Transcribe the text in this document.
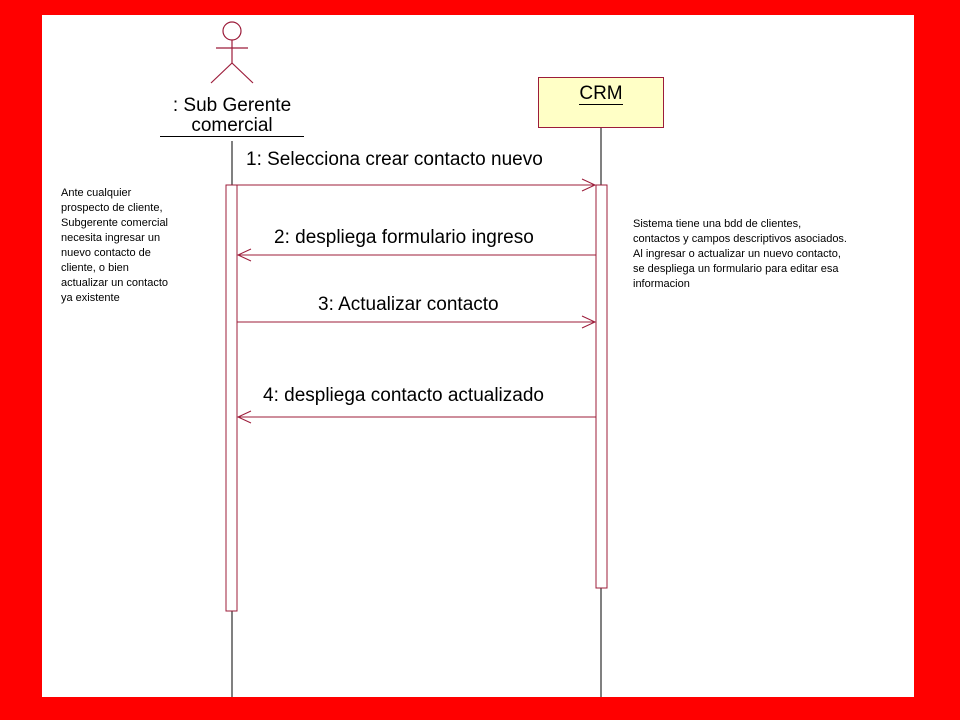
: Sub Gerente comercial
CRM
1: Selecciona crear contacto nuevo
2: despliega formulario ingreso
3: Actualizar contacto
4: despliega contacto actualizado
Ante cualquier
prospecto de cliente,
Subgerente comercial
necesita ingresar un
nuevo contacto de
cliente, o bien
actualizar un contacto
ya existente
Sistema tiene una bdd de clientes,
contactos y campos descriptivos asociados.
Al ingresar o actualizar un nuevo contacto,
se despliega un formulario para editar esa
informacion
